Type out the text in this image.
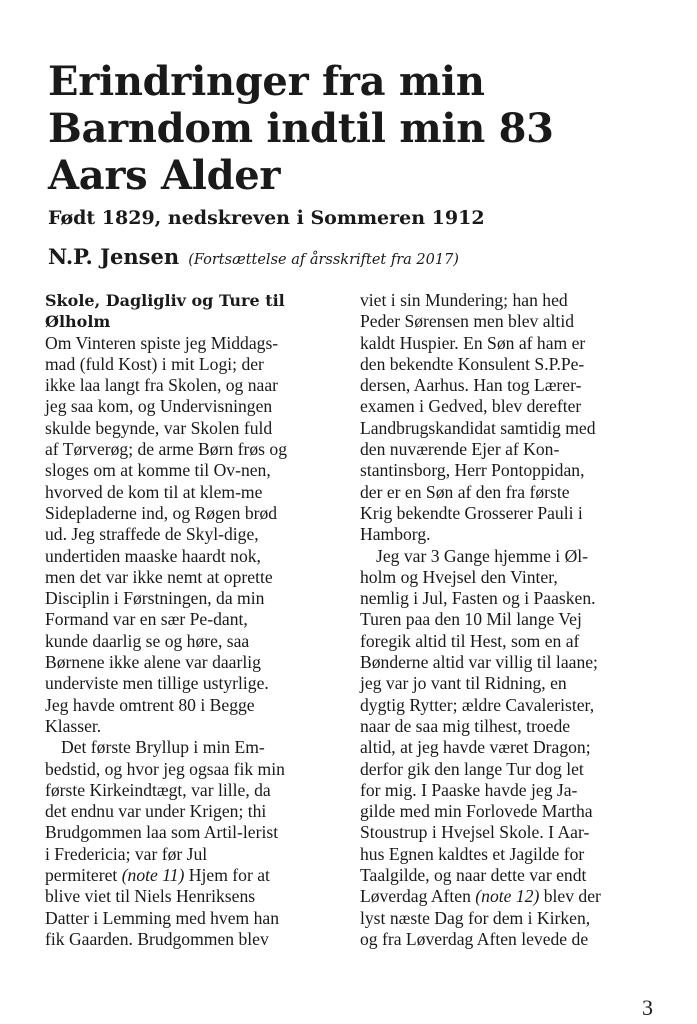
Erindringer fra min
Barndom indtil min 83
Aars Alder
Født 1829, nedskreven i Sommeren 1912
N.P. Jensen (Fortsættelse af årsskriftet fra 2017)
Skole, Dagligliv og Ture til
Ølholm
Om Vinteren spiste jeg Middags-
mad (fuld Kost) i mit Logi; der
ikke laa langt fra Skolen, og naar
jeg saa kom, og Undervisningen
skulde begynde, var Skolen fuld
af Tørverøg; de arme Børn frøs og
sloges om at komme til Ov-nen,
hvorved de kom til at klem-me
Sidepladerne ind, og Røgen brød
ud. Jeg straffede de Skyl-dige,
undertiden maaske haardt nok,
men det var ikke nemt at oprette
Disciplin i Førstningen, da min
Formand var en sær Pe-dant,
kunde daarlig se og høre, saa
Børnene ikke alene var daarlig
underviste men tillige ustyrlige.
Jeg havde omtrent 80 i Begge
Klasser.
Det første Bryllup i min Em-
bedstid, og hvor jeg ogsaa fik min
første Kirkeindtægt, var lille, da
det endnu var under Krigen; thi
Brudgommen laa som Artil-lerist
i Fredericia; var før Jul
permiteret (note 11) Hjem for at
blive viet til Niels Henriksens
Datter i Lemming med hvem han
fik Gaarden. Brudgommen blev
viet i sin Mundering; han hed
Peder Sørensen men blev altid
kaldt Huspier. En Søn af ham er
den bekendte Konsulent S.P.Pe-
dersen, Aarhus. Han tog Lærer-
examen i Gedved, blev derefter
Landbrugskandidat samtidig med
den nuværende Ejer af Kon-
stantinsborg, Herr Pontoppidan,
der er en Søn af den fra første
Krig bekendte Grosserer Pauli i
Hamborg.
Jeg var 3 Gange hjemme i Øl-
holm og Hvejsel den Vinter,
nemlig i Jul, Fasten og i Paasken.
Turen paa den 10 Mil lange Vej
foregik altid til Hest, som en af
Bønderne altid var villig til laane;
jeg var jo vant til Ridning, en
dygtig Rytter; ældre Cavalerister,
naar de saa mig tilhest, troede
altid, at jeg havde været Dragon;
derfor gik den lange Tur dog let
for mig. I Paaske havde jeg Ja-
gilde med min Forlovede Martha
Stoustrup i Hvejsel Skole. I Aar-
hus Egnen kaldtes et Jagilde for
Taalgilde, og naar dette var endt
Løverdag Aften (note 12) blev der
lyst næste Dag for dem i Kirken,
og fra Løverdag Aften levede de
3
